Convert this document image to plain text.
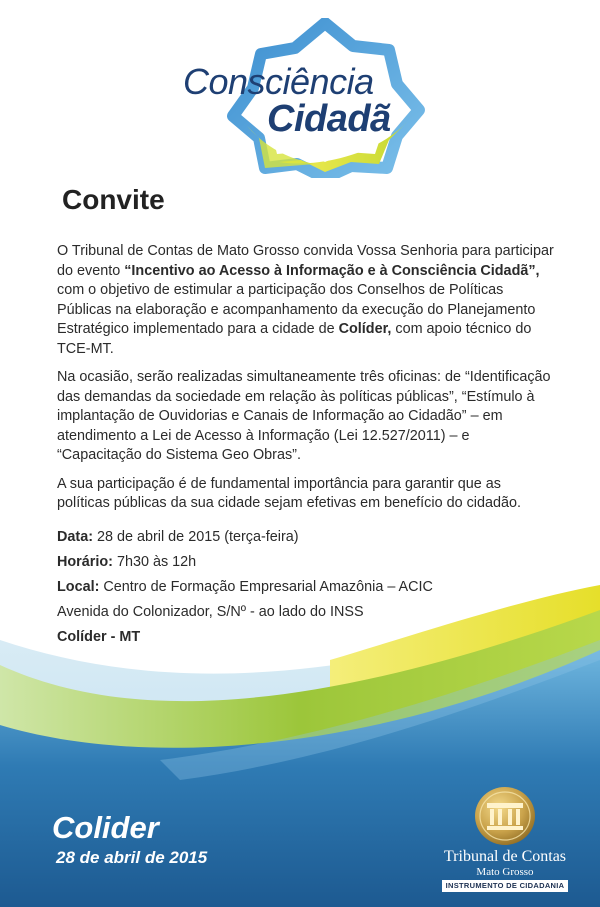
Consciência
Cidadã
Convite

O Tribunal de Contas de Mato Grosso convida Vossa Senhoria para participar do evento “Incentivo ao Acesso à Informação e à Consciência Cidadã”, com o objetivo de estimular a participação dos Conselhos de Políticas Públicas na elaboração e acompanhamento da execução do Planejamento Estratégico implementado para a cidade de Colíder, com apoio técnico do TCE-MT.

Na ocasião, serão realizadas simultaneamente três oficinas: de “Identificação das demandas da sociedade em relação às políticas públicas”, “Estímulo à implantação de Ouvidorias e Canais de Informação ao Cidadão” – em atendimento a Lei de Acesso à Informação (Lei 12.527/2011) – e “Capacitação do Sistema Geo Obras”.

A sua participação é de fundamental importância para garantir que as políticas públicas da sua cidade sejam efetivas em benefício do cidadão.

Data: 28 de abril de 2015 (terça-feira)
Horário: 7h30 às 12h
Local: Centro de Formação Empresarial Amazônia – ACIC
Avenida do Colonizador, S/Nº - ao lado do INSS
Colíder - MT
Colider
28 de abril de 2015	Tribunal de Contas
Mato Grosso
INSTRUMENTO DE CIDADANIA
